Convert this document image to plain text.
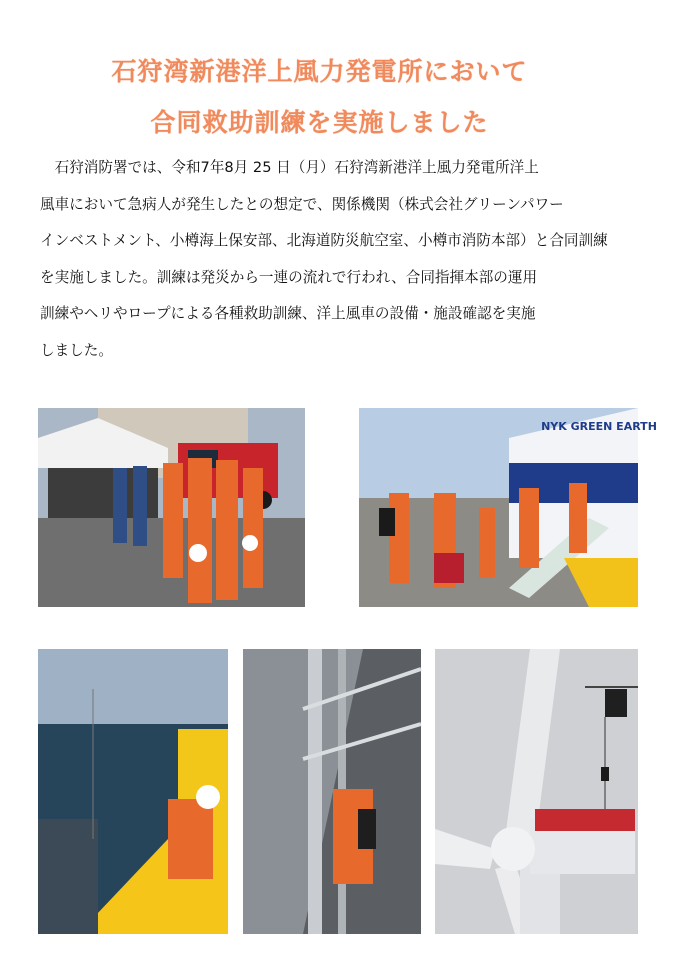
石狩湾新港洋上風力発電所において
合同救助訓練を実施しました
　石狩消防署では、令和7年8月 25 日（月）石狩湾新港洋上風力発電所洋上
風車において急病人が発生したとの想定で、関係機関（株式会社グリーンパワー
インベストメント、小樽海上保安部、北海道防災航空室、小樽市消防本部）と合同訓練
を実施しました。訓練は発災から一連の流れで行われ、合同指揮本部の運用
訓練やヘリやロープによる各種救助訓練、洋上風車の設備・施設確認を実施
しました。
NYK GREEN EARTH
